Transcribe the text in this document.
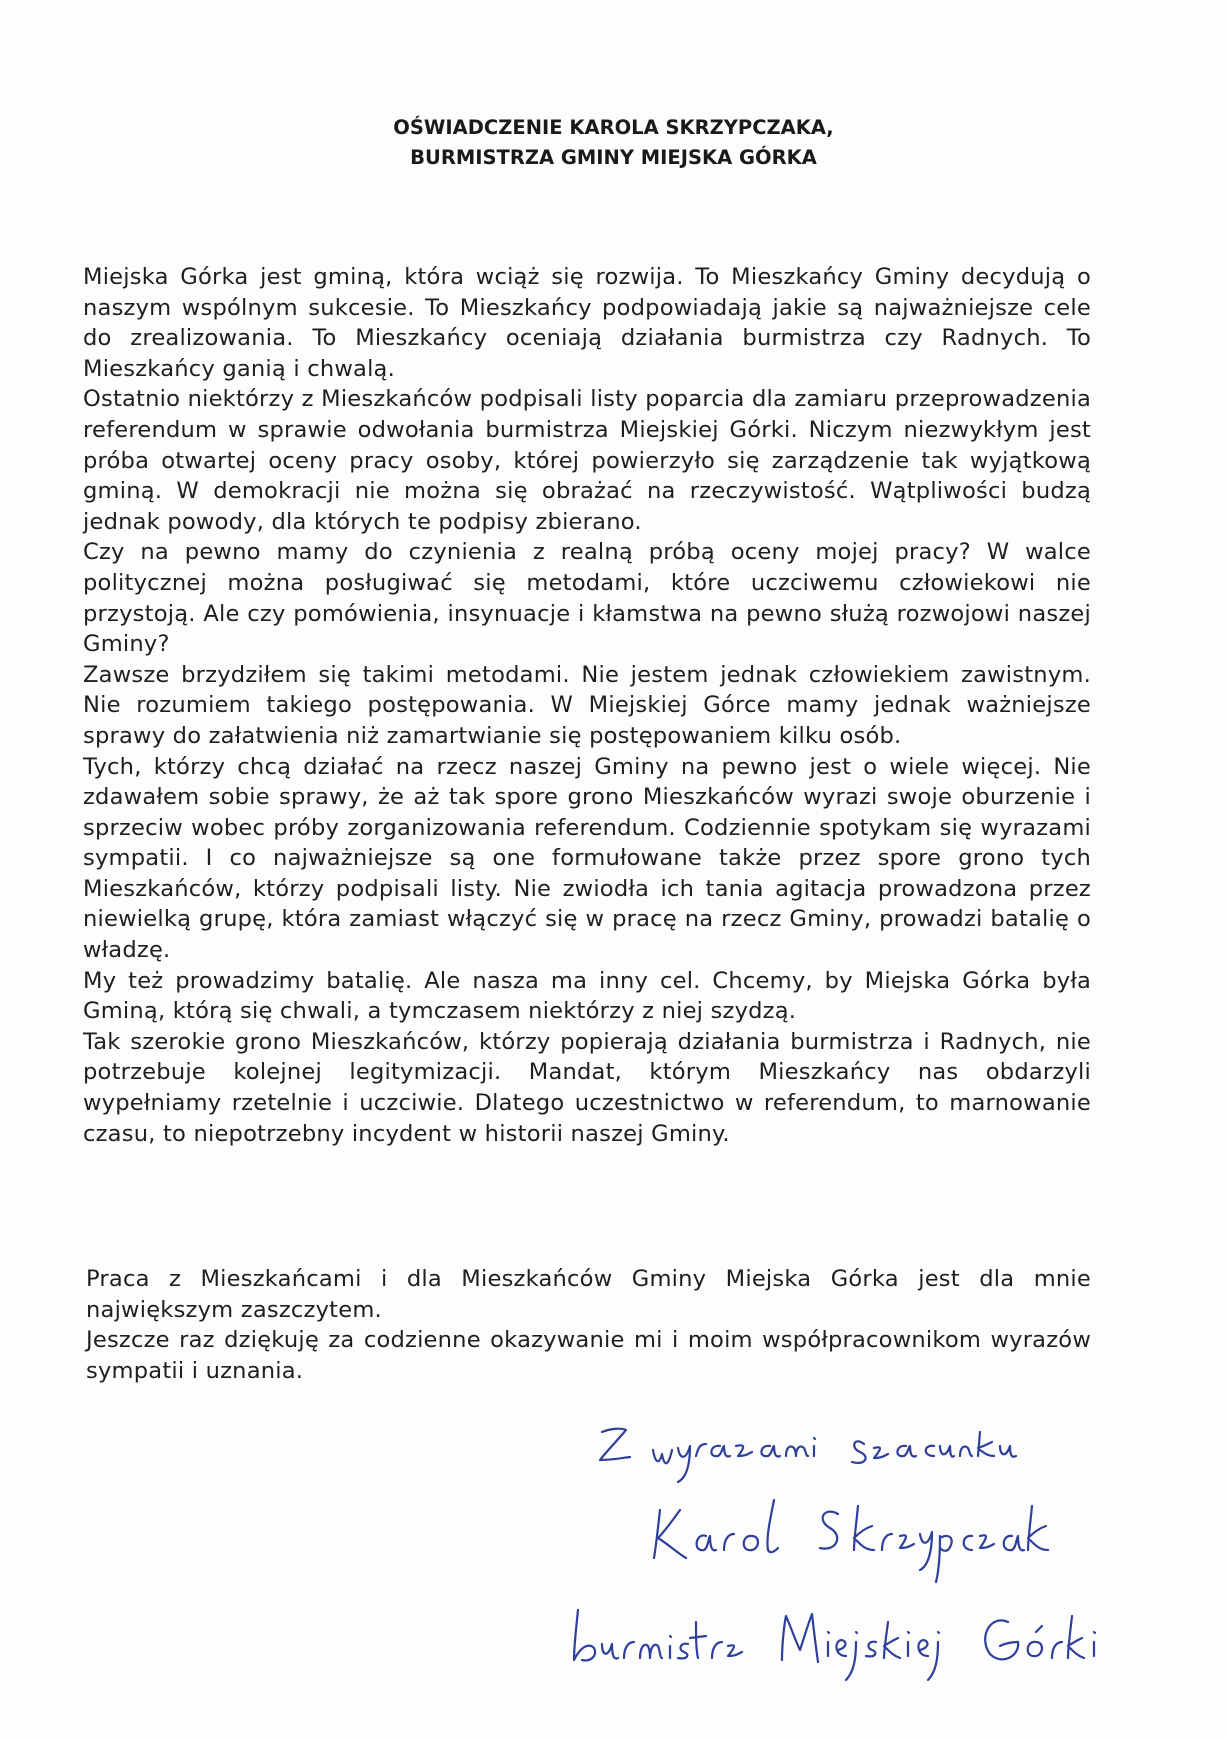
OŚWIADCZENIE KAROLA SKRZYPCZAKA,
BURMISTRZA GMINY MIEJSKA GÓRKA

Miejska Górka jest gminą, która wciąż się rozwija. To Mieszkańcy Gminy decydują o naszym wspólnym sukcesie. To Mieszkańcy podpowiadają jakie są najważniejsze cele do zrealizowania. To Mieszkańcy oceniają działania burmistrza czy Radnych. To Mieszkańcy ganią i chwalą.

Ostatnio niektórzy z Mieszkańców podpisali listy poparcia dla zamiaru przeprowadzenia referendum w sprawie odwołania burmistrza Miejskiej Górki. Niczym niezwykłym jest próba otwartej oceny pracy osoby, której powierzyło się zarządzenie tak wyjątkową gminą. W demokracji nie można się obrażać na rzeczywistość. Wątpliwości budzą jednak powody, dla których te podpisy zbierano.

Czy na pewno mamy do czynienia z realną próbą oceny mojej pracy? W walce politycznej można posługiwać się metodami, które uczciwemu człowiekowi nie przystoją. Ale czy pomówienia, insynuacje i kłamstwa na pewno służą rozwojowi naszej Gminy?

Zawsze brzydziłem się takimi metodami. Nie jestem jednak człowiekiem zawistnym. Nie rozumiem takiego postępowania. W Miejskiej Górce mamy jednak ważniejsze sprawy do załatwienia niż zamartwianie się postępowaniem kilku osób.

Tych, którzy chcą działać na rzecz naszej Gminy na pewno jest o wiele więcej. Nie zdawałem sobie sprawy, że aż tak spore grono Mieszkańców wyrazi swoje oburzenie i sprzeciw wobec próby zorganizowania referendum. Codziennie spotykam się wyrazami sympatii. I co najważniejsze są one formułowane także przez spore grono tych Mieszkańców, którzy podpisali listy. Nie zwiodła ich tania agitacja prowadzona przez niewielką grupę, która zamiast włączyć się w pracę na rzecz Gminy, prowadzi batalię o władzę.

My też prowadzimy batalię. Ale nasza ma inny cel. Chcemy, by Miejska Górka była Gminą, którą się chwali, a tymczasem niektórzy z niej szydzą.

Tak szerokie grono Mieszkańców, którzy popierają działania burmistrza i Radnych, nie potrzebuje kolejnej legitymizacji. Mandat, którym Mieszkańcy nas obdarzyli wypełniamy rzetelnie i uczciwie. Dlatego uczestnictwo w referendum, to marnowanie czasu, to niepotrzebny incydent w historii naszej Gminy.

Praca z Mieszkańcami i dla Mieszkańców Gminy Miejska Górka jest dla mnie największym zaszczytem.

Jeszcze raz dziękuję za codzienne okazywanie mi i moim współpracownikom wyrazów sympatii i uznania.
